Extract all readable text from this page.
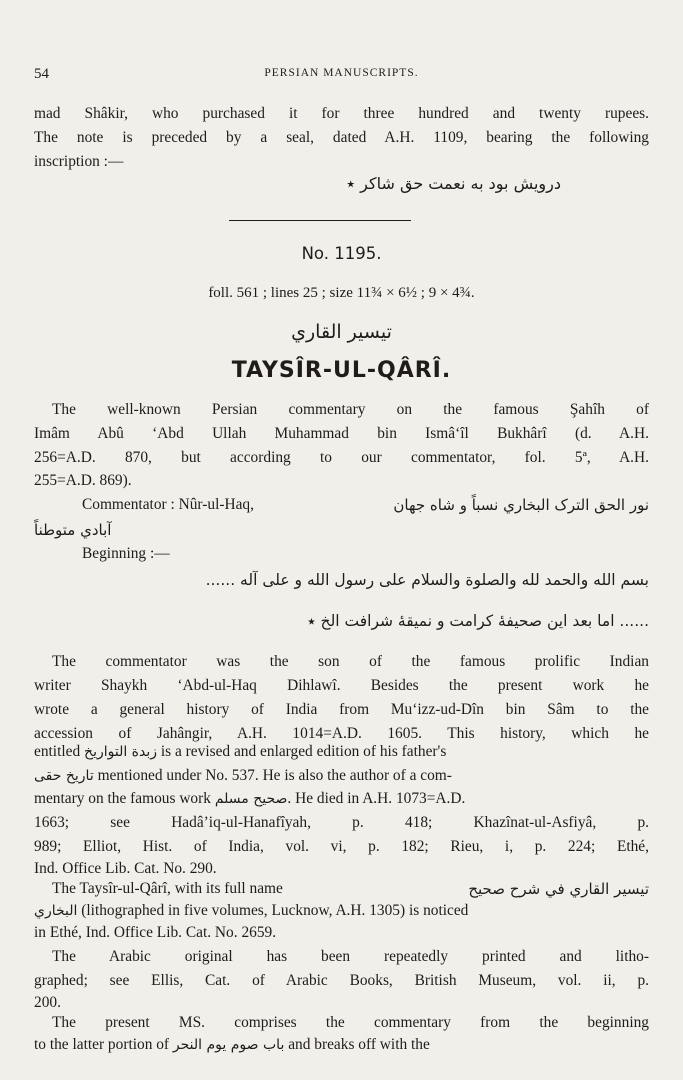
54	PERSIAN MANUSCRIPTS.
mad Shâkir, who purchased it for three hundred and twenty rupees.
The note is preceded by a seal, dated A.H. 1109, bearing the following
inscription :—
درویش بود به نعمت حق شاکر ٭
No. 1195.
foll. 561 ; lines 25 ; size 11¾ × 6½ ; 9 × 4¾.
تیسیر القاري
TAYSÎR-UL-QÂRÎ.
The well-known Persian commentary on the famous Şahîh of
Imâm Abû ‘Abd Ullah Muhammad bin Ismâ‘îl Bukhârî (d. A.H.
256=A.D. 870, but according to our commentator, fol. 5ª, A.H.
255=A.D. 869).
Commentator : Nûr-ul-Haq,	نور الحق الترک البخاري نسباً و شاه جهان
آبادي متوطناً
Beginning :—
بسم الله والحمد لله والصلوة والسلام علی رسول الله و علی آله ......
...... اما بعد این صحیفهٔ کرامت و نمیقهٔ شرافت الخ ٭
The commentator was the son of the famous prolific Indian
writer Shaykh ‘Abd-ul-Haq Dihlawî. Besides the present work he
wrote a general history of India from Mu‘izz-ud-Dîn bin Sâm to the
accession of Jahângir, A.H. 1014=A.D. 1605. This history, which he
entitled زبدة التواریخ is a revised and enlarged edition of his father's
تاریخ حقی mentioned under No. 537. He is also the author of a com-
mentary on the famous work صحیح مسلم. He died in A.H. 1073=A.D.
1663; see Hadâ’iq-ul-Hanafîyah, p. 418; Khazînat-ul-Asfiyâ, p.
989; Elliot, Hist. of India, vol. vi, p. 182; Rieu, i, p. 224; Ethé,
Ind. Office Lib. Cat. No. 290.
The Taysîr-ul-Qârî, with its full name	تیسیر القاري في شرح صحیح
البخاري (lithographed in five volumes, Lucknow, A.H. 1305) is noticed
in Ethé, Ind. Office Lib. Cat. No. 2659.
The Arabic original has been repeatedly printed and litho-
graphed; see Ellis, Cat. of Arabic Books, British Museum, vol. ii, p.
200.
The present MS. comprises the commentary from the beginning
to the latter portion of باب صوم یوم النحر and breaks off with the
